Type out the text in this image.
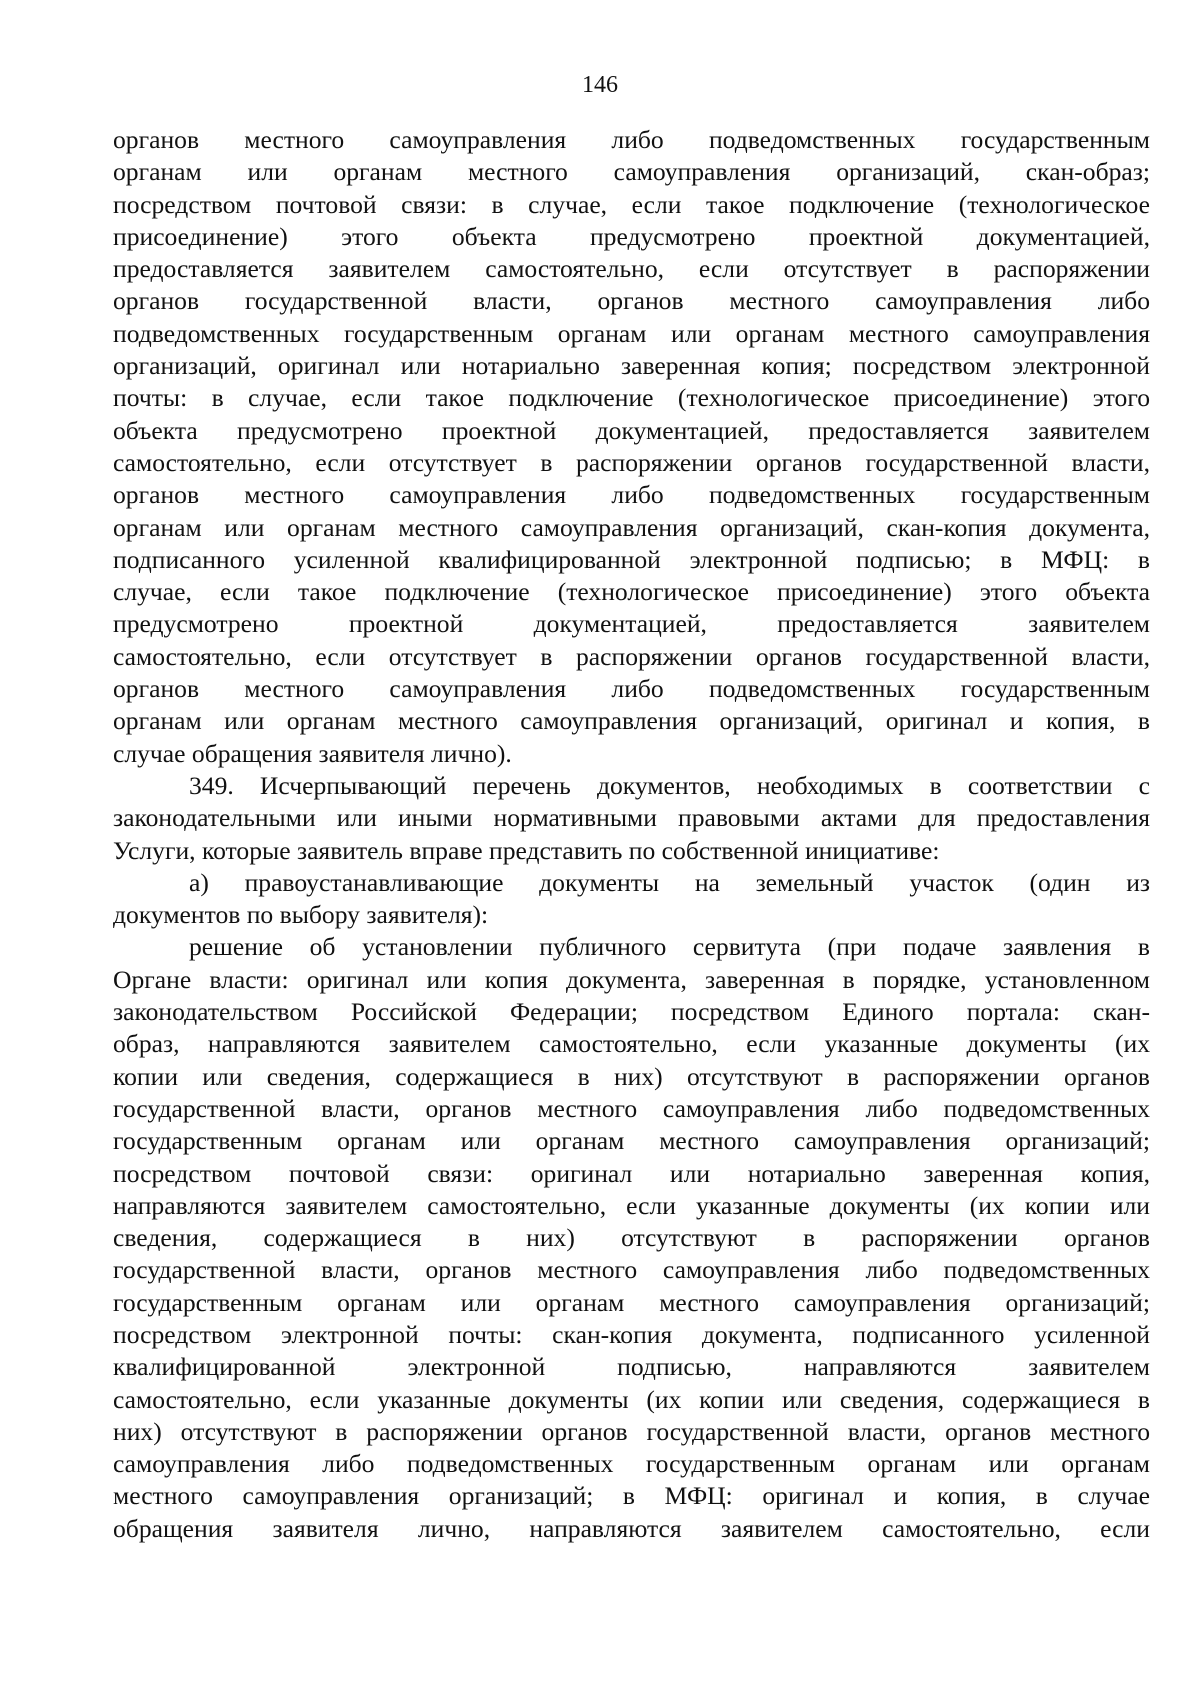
146
органов местного самоуправления либо подведомственных государственным
органам или органам местного самоуправления организаций, скан-образ;
посредством почтовой связи: в случае, если такое подключение (технологическое
присоединение) этого объекта предусмотрено проектной документацией,
предоставляется заявителем самостоятельно, если отсутствует в распоряжении
органов государственной власти, органов местного самоуправления либо
подведомственных государственным органам или органам местного самоуправления
организаций, оригинал или нотариально заверенная копия; посредством электронной
почты: в случае, если такое подключение (технологическое присоединение) этого
объекта предусмотрено проектной документацией, предоставляется заявителем
самостоятельно, если отсутствует в распоряжении органов государственной власти,
органов местного самоуправления либо подведомственных государственным
органам или органам местного самоуправления организаций, скан-копия документа,
подписанного усиленной квалифицированной электронной подписью; в МФЦ: в
случае, если такое подключение (технологическое присоединение) этого объекта
предусмотрено проектной документацией, предоставляется заявителем
самостоятельно, если отсутствует в распоряжении органов государственной власти,
органов местного самоуправления либо подведомственных государственным
органам или органам местного самоуправления организаций, оригинал и копия, в
случае обращения заявителя лично).
349. Исчерпывающий перечень документов, необходимых в соответствии с
законодательными или иными нормативными правовыми актами для предоставления
Услуги, которые заявитель вправе представить по собственной инициативе:
а) правоустанавливающие документы на земельный участок (один из
документов по выбору заявителя):
решение об установлении публичного сервитута (при подаче заявления в
Органе власти: оригинал или копия документа, заверенная в порядке, установленном
законодательством Российской Федерации; посредством Единого портала: скан-
образ, направляются заявителем самостоятельно, если указанные документы (их
копии или сведения, содержащиеся в них) отсутствуют в распоряжении органов
государственной власти, органов местного самоуправления либо подведомственных
государственным органам или органам местного самоуправления организаций;
посредством почтовой связи: оригинал или нотариально заверенная копия,
направляются заявителем самостоятельно, если указанные документы (их копии или
сведения, содержащиеся в них) отсутствуют в распоряжении органов
государственной власти, органов местного самоуправления либо подведомственных
государственным органам или органам местного самоуправления организаций;
посредством электронной почты: скан-копия документа, подписанного усиленной
квалифицированной электронной подписью, направляются заявителем
самостоятельно, если указанные документы (их копии или сведения, содержащиеся в
них) отсутствуют в распоряжении органов государственной власти, органов местного
самоуправления либо подведомственных государственным органам или органам
местного самоуправления организаций; в МФЦ: оригинал и копия, в случае
обращения заявителя лично, направляются заявителем самостоятельно, если
